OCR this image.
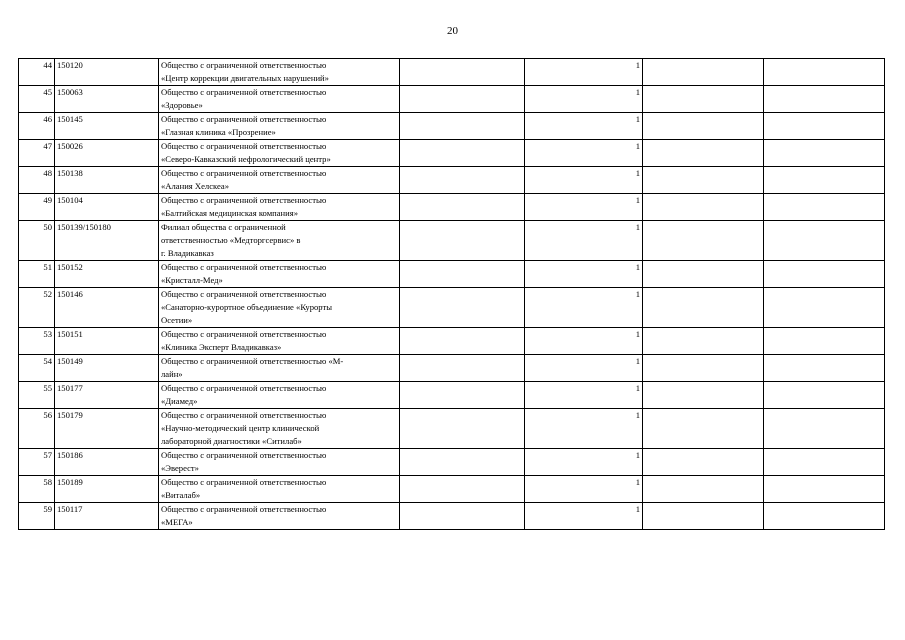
20
44	150120	Общество с ограниченной ответственностью
«Центр коррекции двигательных нарушений»		1		
45	150063	Общество с ограниченной ответственностью
«Здоровье»		1		
46	150145	Общество с ограниченной ответственностью
«Глазная клиника «Прозрение»		1		
47	150026	Общество с ограниченной ответственностью
«Северо-Кавказский нефрологический центр»		1		
48	150138	Общество с ограниченной ответственностью
«Алания Хелскеа»		1		
49	150104	Общество с ограниченной ответственностью
«Балтийская медицинская компания»		1		
50	150139/150180	Филиал общества с ограниченной
ответственностью «Медторгсервис» в
г. Владикавказ		1		
51	150152	Общество с ограниченной ответственностью
«Кристалл-Мед»		1		
52	150146	Общество с ограниченной ответственностью
«Санаторно-курортное объединение «Курорты
Осетии»		1		
53	150151	Общество с ограниченной ответственностью
«Клиника Эксперт Владикавказ»		1		
54	150149	Общество с ограниченной ответственностью «М-
лайн»		1		
55	150177	Общество с ограниченной ответственностью
«Диамед»		1		
56	150179	Общество с ограниченной ответственностью
«Научно-методический центр клинической
лабораторной диагностики «Ситилаб»		1		
57	150186	Общество с ограниченной ответственностью
«Эверест»		1		
58	150189	Общество с ограниченной ответственностью
«Виталаб»		1		
59	150117	Общество с ограниченной ответственностью
«МЕГА»		1		
